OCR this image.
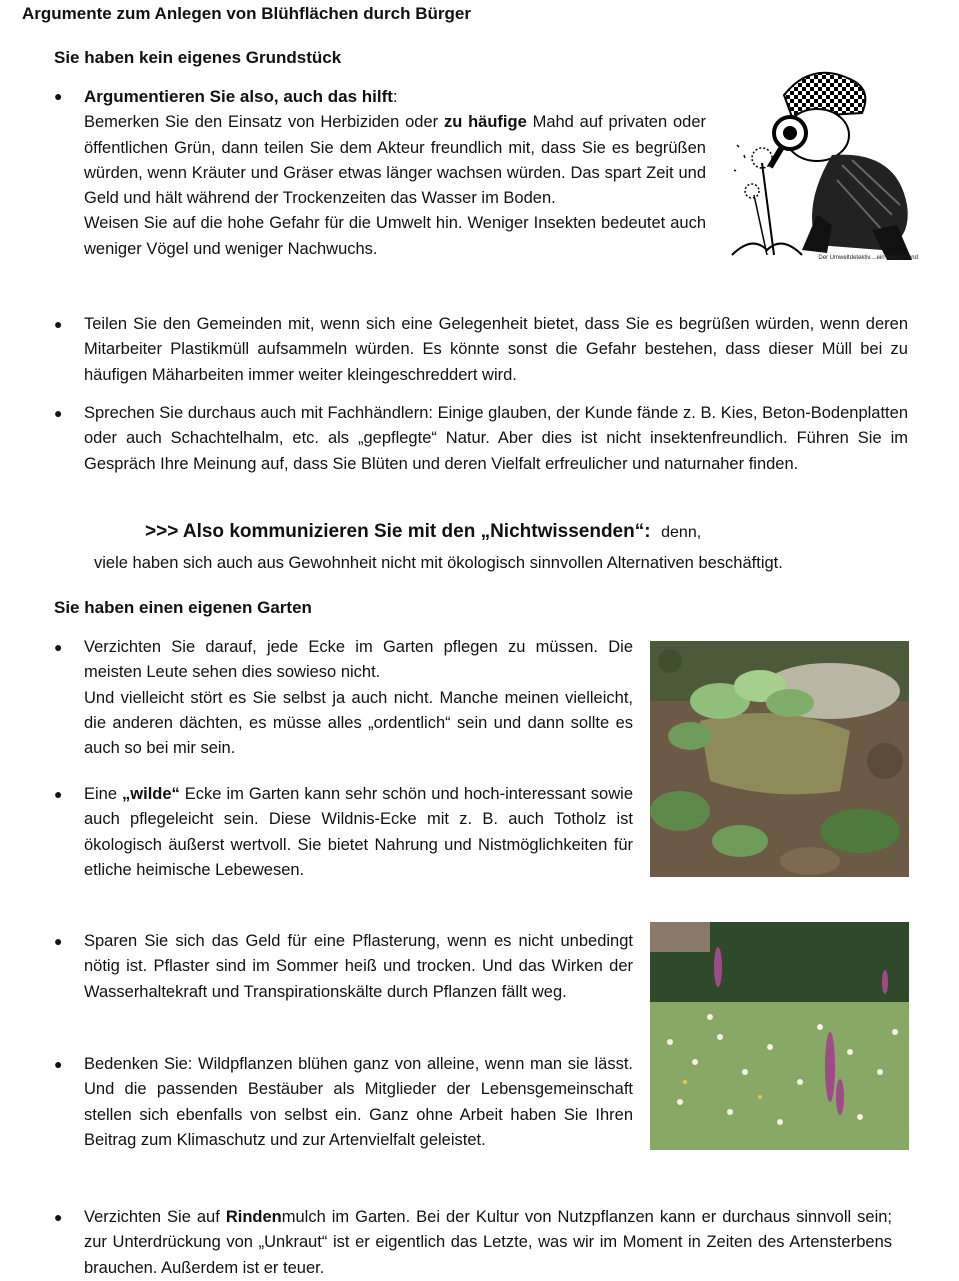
Argumente zum Anlegen von Blühflächen durch Bürger
Sie haben kein eigenes Grundstück
● Argumentieren Sie also, auch das hilft:

Bemerken Sie den Einsatz von Herbiziden oder zu häufige Mahd auf privaten oder öffentlichen Grün, dann teilen Sie dem Akteur freundlich mit, dass Sie es begrüßen würden, wenn Kräuter und Gräser etwas länger wachsen würden. Das spart Zeit und Geld und hält während der Trockenzeiten das Wasser im Boden.

Weisen Sie auf die hohe Gefahr für die Umwelt hin. Weniger Insekten bedeutet auch weniger Vögel und weniger Nachwuchs.

Der Umweltdetektiv....ein Naturfreund
● Teilen Sie den Gemeinden mit, wenn sich eine Gelegenheit bietet, dass Sie es begrüßen würden, wenn deren Mitarbeiter Plastikmüll aufsammeln würden. Es könnte sonst die Gefahr bestehen, dass dieser Müll bei zu häufigen Mäharbeiten immer weiter kleingeschreddert wird.

● Sprechen Sie durchaus auch mit Fachhändlern: Einige glauben, der Kunde fände z. B. Kies, Beton-Bodenplatten oder auch Schachtelhalm, etc. als „gepflegte“ Natur. Aber dies ist nicht insektenfreundlich. Führen Sie im Gespräch Ihre Meinung auf, dass Sie Blüten und deren Vielfalt erfreulicher und naturnaher finden.

>>> Also kommunizieren Sie mit den „Nichtwissenden“: denn,
viele haben sich auch aus Gewohnheit nicht mit ökologisch sinnvollen Alternativen beschäftigt.
Sie haben einen eigenen Garten
● Verzichten Sie darauf, jede Ecke im Garten pflegen zu müssen. Die meisten Leute sehen dies sowieso nicht.

Und vielleicht stört es Sie selbst ja auch nicht. Manche meinen vielleicht, die anderen dächten, es müsse alles „ordentlich“ sein und dann sollte es auch so bei mir sein.

● Eine „wilde“ Ecke im Garten kann sehr schön und hoch-interessant sowie auch pflegeleicht sein. Diese Wildnis-Ecke mit z. B. auch Totholz ist ökologisch äußerst wertvoll. Sie bietet Nahrung und Nistmöglichkeiten für etliche heimische Lebewesen.

● Sparen Sie sich das Geld für eine Pflasterung, wenn es nicht unbedingt nötig ist. Pflaster sind im Sommer heiß und trocken. Und das Wirken der Wasserhaltekraft und Transpirationskälte durch Pflanzen fällt weg.

● Bedenken Sie: Wildpflanzen blühen ganz von alleine, wenn man sie lässt. Und die passenden Bestäuber als Mitglieder der Lebensgemeinschaft stellen sich ebenfalls von selbst ein. Ganz ohne Arbeit haben Sie Ihren Beitrag zum Klimaschutz und zur Artenvielfalt geleistet.

● Verzichten Sie auf Rindenmulch im Garten. Bei der Kultur von Nutzpflanzen kann er durchaus sinnvoll sein; zur Unterdrückung von „Unkraut“ ist er eigentlich das Letzte, was wir im Moment in Zeiten des Artensterbens brauchen. Außerdem ist er teuer.
